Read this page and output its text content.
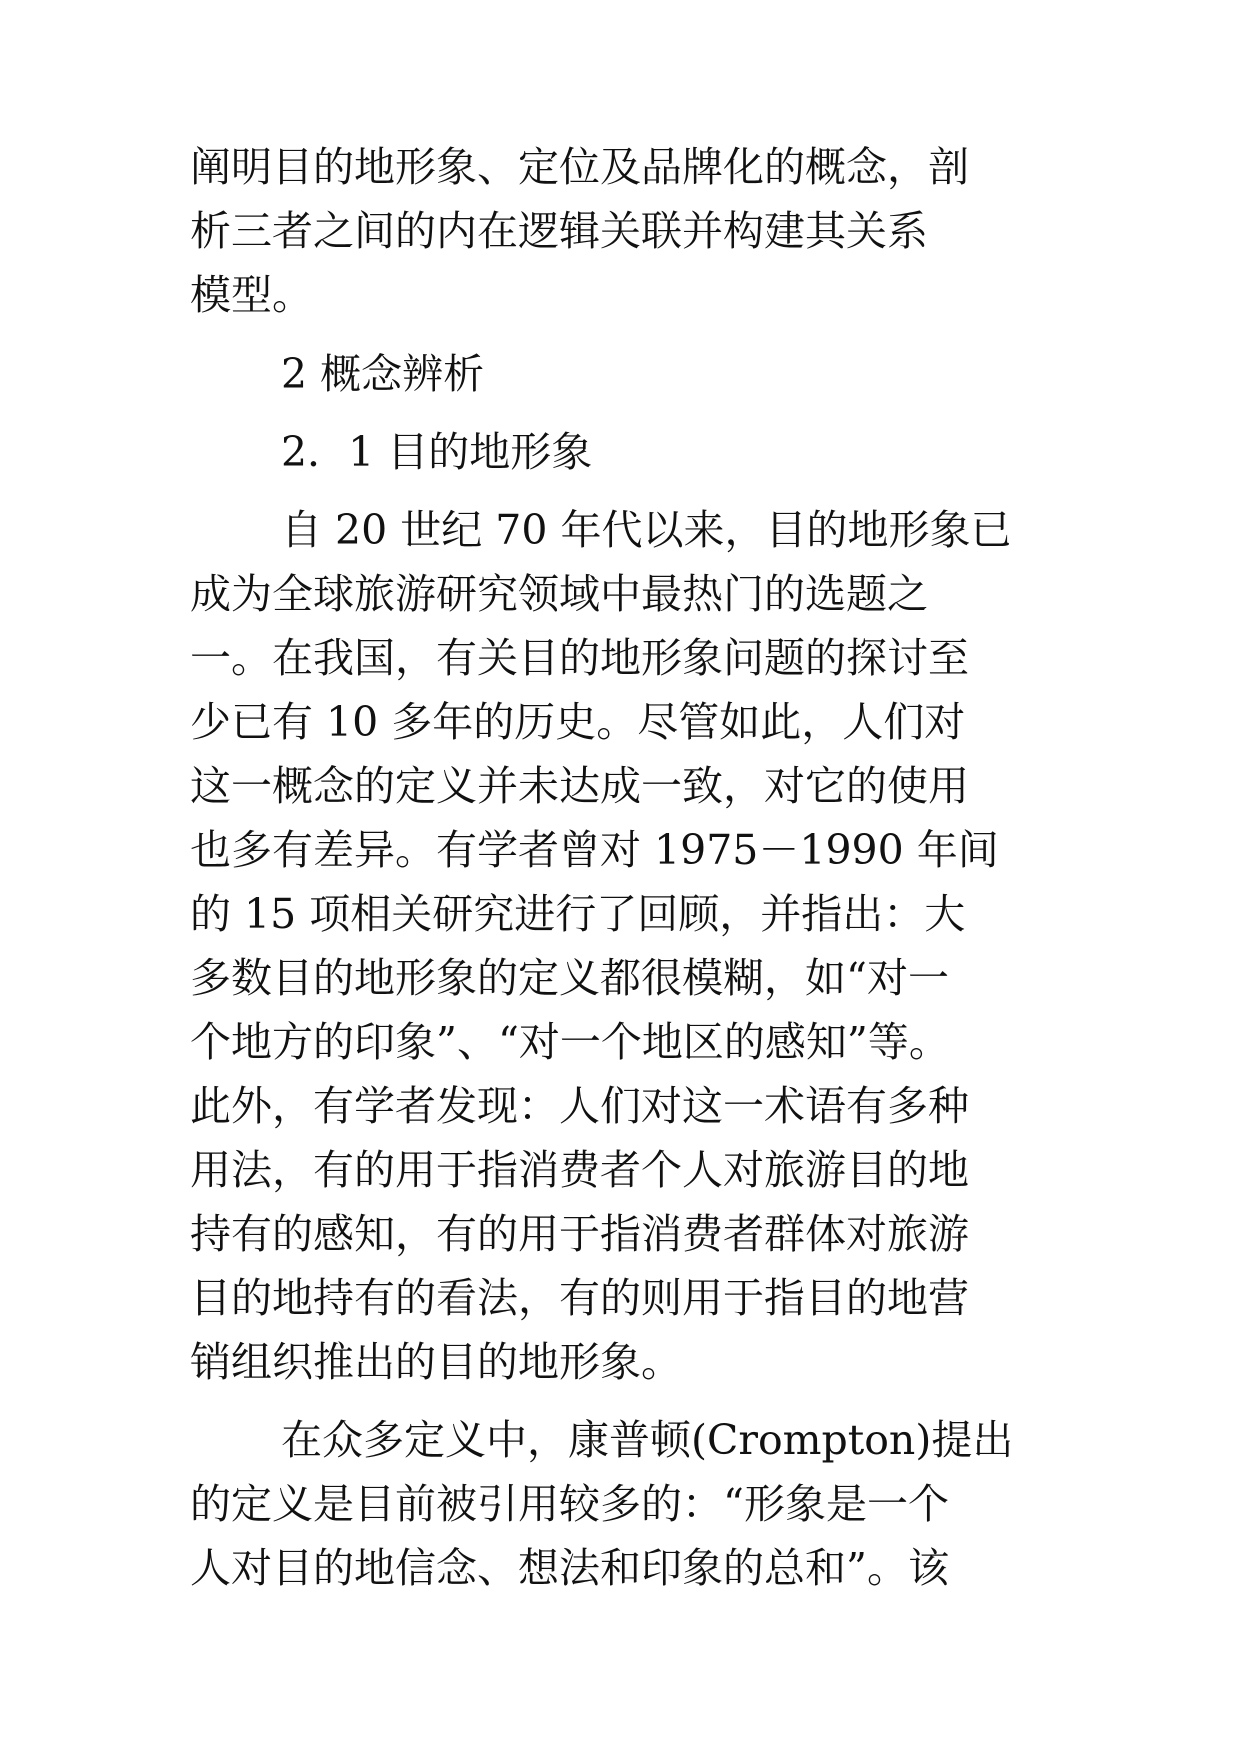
阐明目的地形象、定位及品牌化的概念，剖
析三者之间的内在逻辑关联并构建其关系
模型。
2 概念辨析
2．1 目的地形象
自 20 世纪 70 年代以来，目的地形象已
成为全球旅游研究领域中最热门的选题之
一。在我国，有关目的地形象问题的探讨至
少已有 10 多年的历史。尽管如此，人们对
这一概念的定义并未达成一致，对它的使用
也多有差异。有学者曾对 1975－1990 年间
的 15 项相关研究进行了回顾，并指出：大
多数目的地形象的定义都很模糊，如“对一
个地方的印象”、“对一个地区的感知”等。
此外，有学者发现：人们对这一术语有多种
用法，有的用于指消费者个人对旅游目的地
持有的感知，有的用于指消费者群体对旅游
目的地持有的看法，有的则用于指目的地营
销组织推出的目的地形象。
在众多定义中，康普顿(Crompton)提出
的定义是目前被引用较多的：“形象是一个
人对目的地信念、想法和印象的总和”。该
